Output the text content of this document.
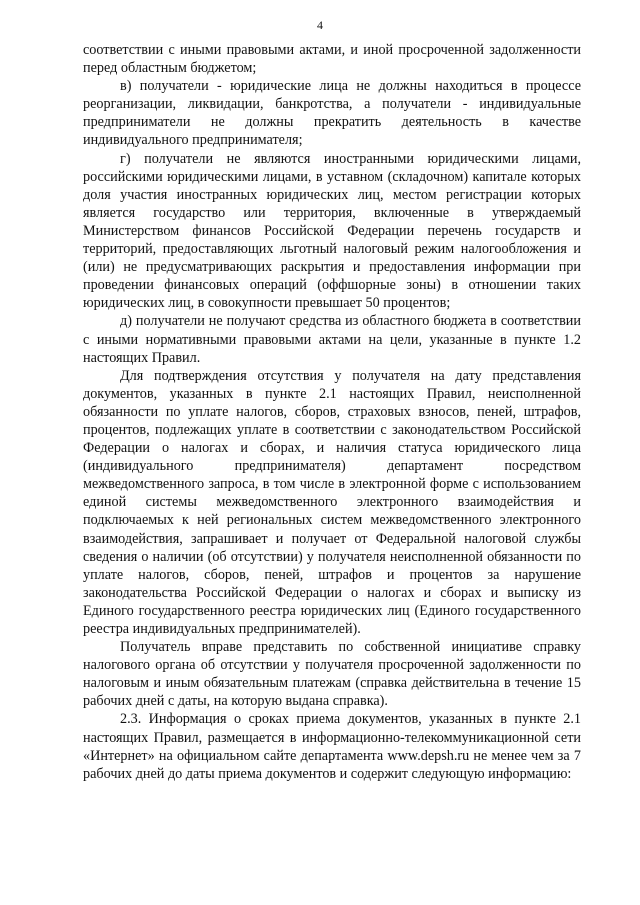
4

соответствии с иными правовыми актами, и иной просроченной задолженности перед областным бюджетом;

в) получатели - юридические лица не должны находиться в процессе реорганизации, ликвидации, банкротства, а получатели - индивидуальные предприниматели не должны прекратить деятельность в качестве индивидуального предпринимателя;

г) получатели не являются иностранными юридическими лицами, российскими юридическими лицами, в уставном (складочном) капитале которых доля участия иностранных юридических лиц, местом регистрации которых является государство или территория, включенные в утверждаемый Министерством финансов Российской Федерации перечень государств и территорий, предоставляющих льготный налоговый режим налогообложения и (или) не предусматривающих раскрытия и предоставления информации при проведении финансовых операций (оффшорные зоны) в отношении таких юридических лиц, в совокупности превышает 50 процентов;

д) получатели не получают средства из областного бюджета в соответствии с иными нормативными правовыми актами на цели, указанные в пункте 1.2 настоящих Правил.

Для подтверждения отсутствия у получателя на дату представления документов, указанных в пункте 2.1 настоящих Правил, неисполненной обязанности по уплате налогов, сборов, страховых взносов, пеней, штрафов, процентов, подлежащих уплате в соответствии с законодательством Российской Федерации о налогах и сборах, и наличия статуса юридического лица (индивидуального предпринимателя) департамент посредством межведомственного запроса, в том числе в электронной форме с использованием единой системы межведомственного электронного взаимодействия и подключаемых к ней региональных систем межведомственного электронного взаимодействия, запрашивает и получает от Федеральной налоговой службы сведения о наличии (об отсутствии) у получателя неисполненной обязанности по уплате налогов, сборов, пеней, штрафов и процентов за нарушение законодательства Российской Федерации о налогах и сборах и выписку из Единого государственного реестра юридических лиц (Единого государственного реестра индивидуальных предпринимателей).

Получатель вправе представить по собственной инициативе справку налогового органа об отсутствии у получателя просроченной задолженности по налоговым и иным обязательным платежам (справка действительна в течение 15 рабочих дней с даты, на которую выдана справка).

2.3. Информация о сроках приема документов, указанных в пункте 2.1 настоящих Правил, размещается в информационно-телекоммуникационной сети «Интернет» на официальном сайте департамента www.depsh.ru не менее чем за 7 рабочих дней до даты приема документов и содержит следующую информацию:
